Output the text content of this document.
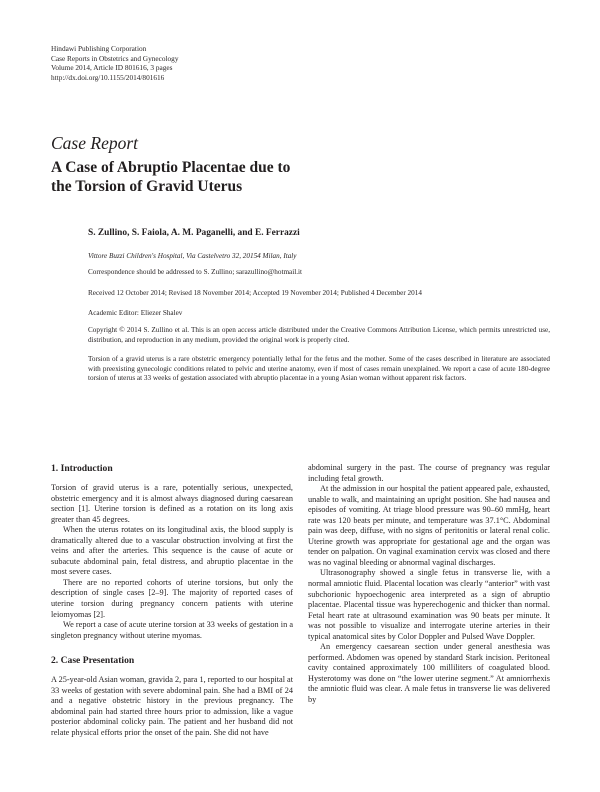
Hindawi Publishing Corporation
Case Reports in Obstetrics and Gynecology
Volume 2014, Article ID 801616, 3 pages
http://dx.doi.org/10.1155/2014/801616
Case Report
A Case of Abruptio Placentae due to
the Torsion of Gravid Uterus
S. Zullino, S. Faiola, A. M. Paganelli, and E. Ferrazzi
Vittore Buzzi Children's Hospital, Via Castelvetro 32, 20154 Milan, Italy
Correspondence should be addressed to S. Zullino; sarazullino@hotmail.it
Received 12 October 2014; Revised 18 November 2014; Accepted 19 November 2014; Published 4 December 2014
Academic Editor: Eliezer Shalev
Copyright © 2014 S. Zullino et al. This is an open access article distributed under the Creative Commons Attribution License, which permits unrestricted use, distribution, and reproduction in any medium, provided the original work is properly cited.
Torsion of a gravid uterus is a rare obstetric emergency potentially lethal for the fetus and the mother. Some of the cases described in literature are associated with preexisting gynecologic conditions related to pelvic and uterine anatomy, even if most of cases remain unexplained. We report a case of acute 180-degree torsion of uterus at 33 weeks of gestation associated with abruptio placentae in a young Asian woman without apparent risk factors.
1. Introduction

Torsion of gravid uterus is a rare, potentially serious, unexpected, obstetric emergency and it is almost always diagnosed during caesarean section [1]. Uterine torsion is defined as a rotation on its long axis greater than 45 degrees.

When the uterus rotates on its longitudinal axis, the blood supply is dramatically altered due to a vascular obstruction involving at first the veins and after the arteries. This sequence is the cause of acute or subacute abdominal pain, fetal distress, and abruptio placentae in the most severe cases.

There are no reported cohorts of uterine torsions, but only the description of single cases [2–9]. The majority of reported cases of uterine torsion during pregnancy concern patients with uterine leiomyomas [2].

We report a case of acute uterine torsion at 33 weeks of gestation in a singleton pregnancy without uterine myomas.

2. Case Presentation

A 25-year-old Asian woman, gravida 2, para 1, reported to our hospital at 33 weeks of gestation with severe abdominal pain. She had a BMI of 24 and a negative obstetric history in the previous pregnancy. The abdominal pain had started three hours prior to admission, like a vague posterior abdominal colicky pain. The patient and her husband did not relate physical efforts prior the onset of the pain. She did not have

abdominal surgery in the past. The course of pregnancy was regular including fetal growth.

At the admission in our hospital the patient appeared pale, exhausted, unable to walk, and maintaining an upright position. She had nausea and episodes of vomiting. At triage blood pressure was 90–60 mmHg, heart rate was 120 beats per minute, and temperature was 37.1°C. Abdominal pain was deep, diffuse, with no signs of peritonitis or lateral renal colic. Uterine growth was appropriate for gestational age and the organ was tender on palpation. On vaginal examination cervix was closed and there was no vaginal bleeding or abnormal vaginal discharges.

Ultrasonography showed a single fetus in transverse lie, with a normal amniotic fluid. Placental location was clearly “anterior” with vast subchorionic hypoechogenic area interpreted as a sign of abruptio placentae. Placental tissue was hyperechogenic and thicker than normal. Fetal heart rate at ultrasound examination was 90 beats per minute. It was not possible to visualize and interrogate uterine arteries in their typical anatomical sites by Color Doppler and Pulsed Wave Doppler.

An emergency caesarean section under general anesthesia was performed. Abdomen was opened by standard Stark incision. Peritoneal cavity contained approximately 100 milliliters of coagulated blood. Hysterotomy was done on “the lower uterine segment.” At amniorrhexis the amniotic fluid was clear. A male fetus in transverse lie was delivered by
